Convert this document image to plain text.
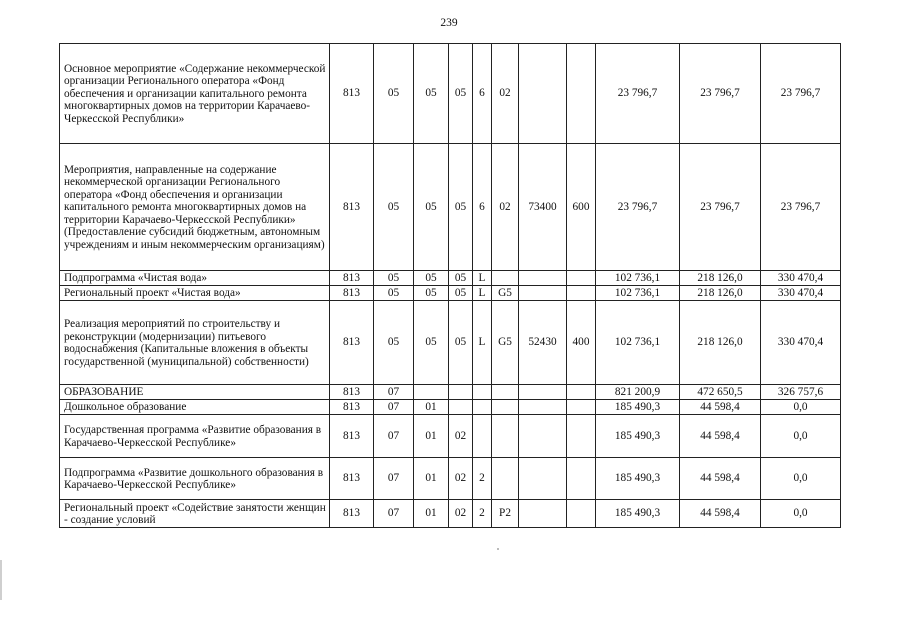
239
Основное мероприятие «Содержание некоммерческой организации Регионального оператора «Фонд обеспечения и организации капитального ремонта многоквартирных домов на территории Карачаево-Черкесской Республики»	813	05	05	05	6	02			23 796,7	23 796,7	23 796,7
Мероприятия, направленные на содержание некоммерческой организации Регионального оператора «Фонд обеспечения и организации капитального ремонта многоквартирных домов на территории Карачаево-Черкесской Республики» (Предоставление субсидий бюджетным, автономным учреждениям и иным некоммерческим организациям)	813	05	05	05	6	02	73400	600	23 796,7	23 796,7	23 796,7
Подпрограмма «Чистая вода»	813	05	05	05	L				102 736,1	218 126,0	330 470,4
Региональный проект «Чистая вода»	813	05	05	05	L	G5			102 736,1	218 126,0	330 470,4
Реализация мероприятий по строительству и реконструкции (модернизации) питьевого водоснабжения (Капитальные вложения в объекты государственной (муниципальной) собственности)	813	05	05	05	L	G5	52430	400	102 736,1	218 126,0	330 470,4
ОБРАЗОВАНИЕ	813	07							821 200,9	472 650,5	326 757,6
Дошкольное образование	813	07	01						185 490,3	44 598,4	0,0
Государственная программа «Развитие образования в Карачаево-Черкесской Республике»	813	07	01	02					185 490,3	44 598,4	0,0
Подпрограмма «Развитие дошкольного образования в Карачаево-Черкесской Республике»	813	07	01	02	2				185 490,3	44 598,4	0,0
Региональный проект «Содействие занятости женщин - создание условий	813	07	01	02	2	P2			185 490,3	44 598,4	0,0
